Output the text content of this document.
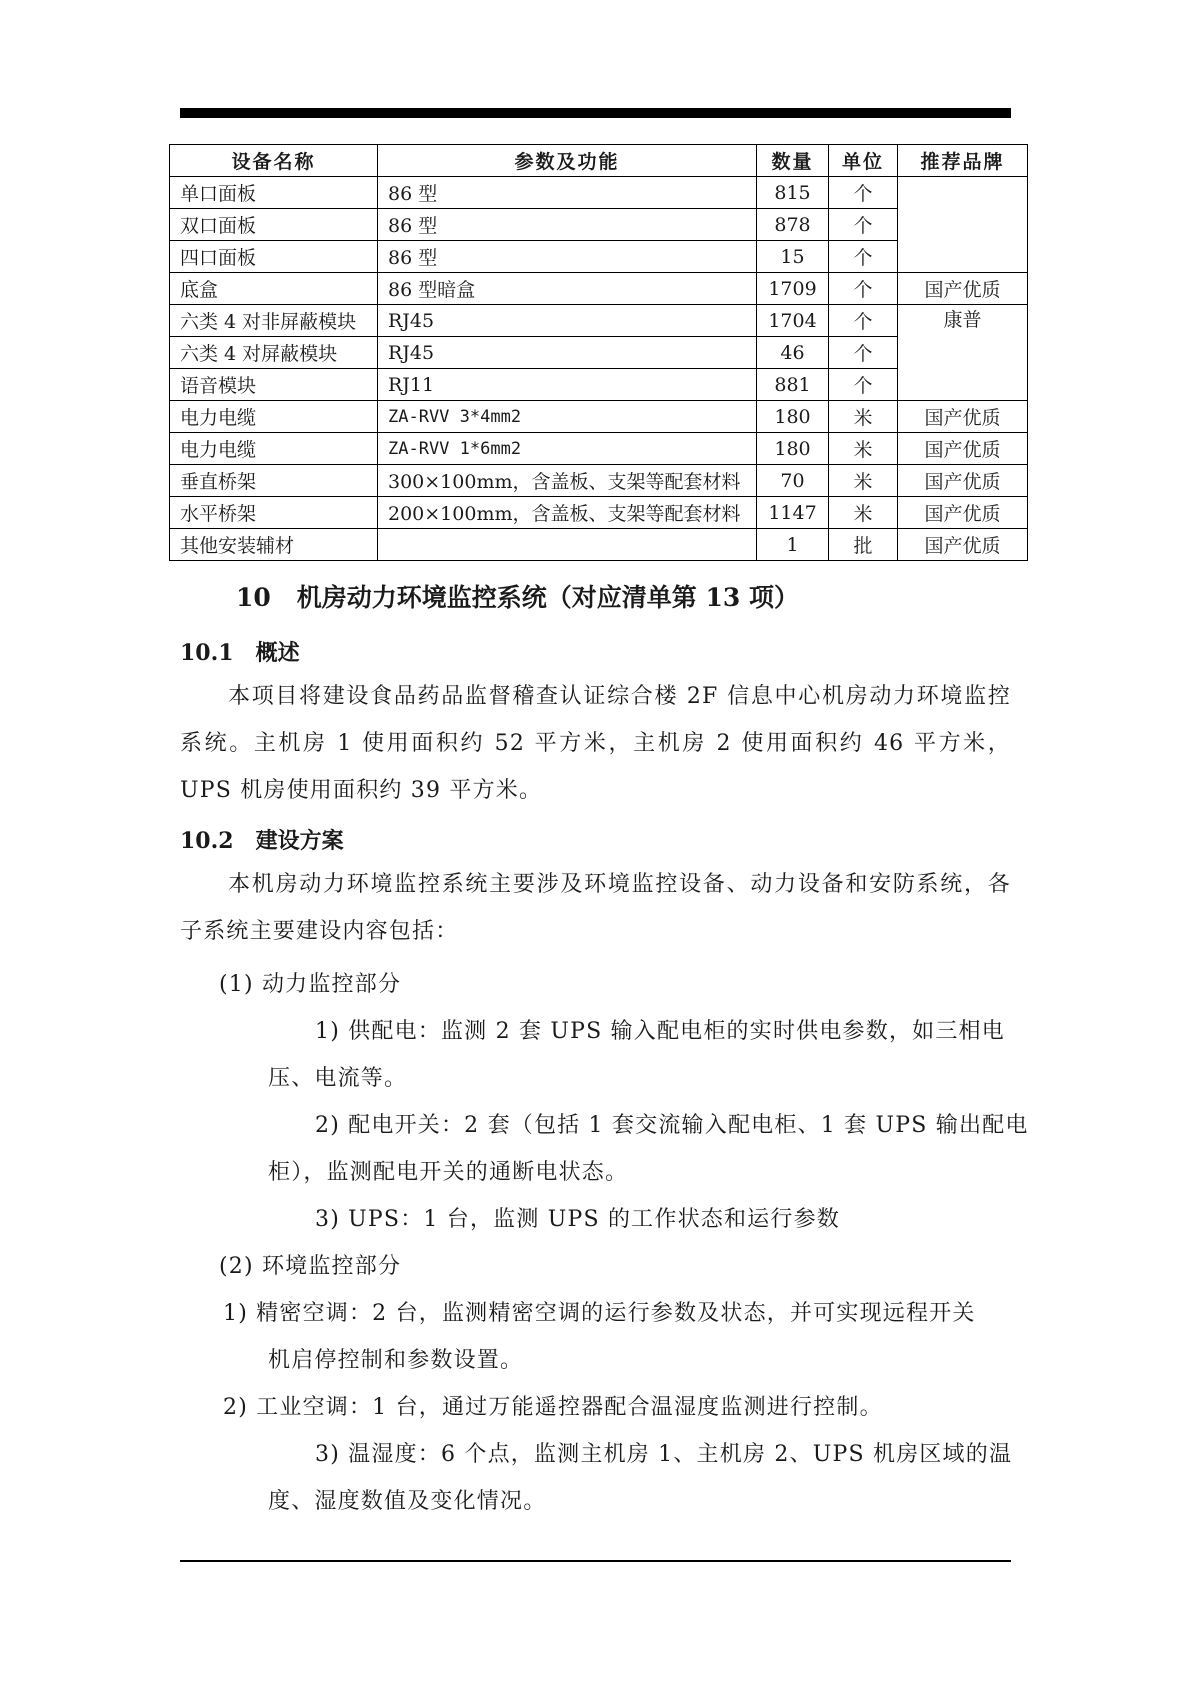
设备名称	参数及功能	数量	单位	推荐品牌
单口面板	86 型	815	个	
双口面板	86 型	878	个	
四口面板	86 型	15	个	
底盒	86 型暗盒	1709	个	国产优质
六类 4 对非屏蔽模块	RJ45	1704	个	康普
六类 4 对屏蔽模块	RJ45	46	个	
语音模块	RJ11	881	个	
电力电缆	ZA-RVV 3*4mm2	180	米	国产优质
电力电缆	ZA-RVV 1*6mm2	180	米	国产优质
垂直桥架	300×100mm，含盖板、支架等配套材料	70	米	国产优质
水平桥架	200×100mm，含盖板、支架等配套材料	1147	米	国产优质
其他安装辅材		1	批	国产优质
10 机房动力环境监控系统（对应清单第 13 项）
10.1 概述
本项目将建设食品药品监督稽查认证综合楼 2F 信息中心机房动力环境监控系统。主机房 1 使用面积约 52 平方米，主机房 2 使用面积约 46 平方米，UPS 机房使用面积约 39 平方米。
10.2 建设方案
本机房动力环境监控系统主要涉及环境监控设备、动力设备和安防系统，各子系统主要建设内容包括：
(1) 动力监控部分
1) 供配电：监测 2 套 UPS 输入配电柜的实时供电参数，如三相电
压、电流等。
2) 配电开关：2 套（包括 1 套交流输入配电柜、1 套 UPS 输出配电
柜），监测配电开关的通断电状态。
3) UPS：1 台，监测 UPS 的工作状态和运行参数
(2) 环境监控部分
1) 精密空调：2 台，监测精密空调的运行参数及状态，并可实现远程开关
机启停控制和参数设置。
2) 工业空调：1 台，通过万能遥控器配合温湿度监测进行控制。
3) 温湿度：6 个点，监测主机房 1、主机房 2、UPS 机房区域的温
度、湿度数值及变化情况。
